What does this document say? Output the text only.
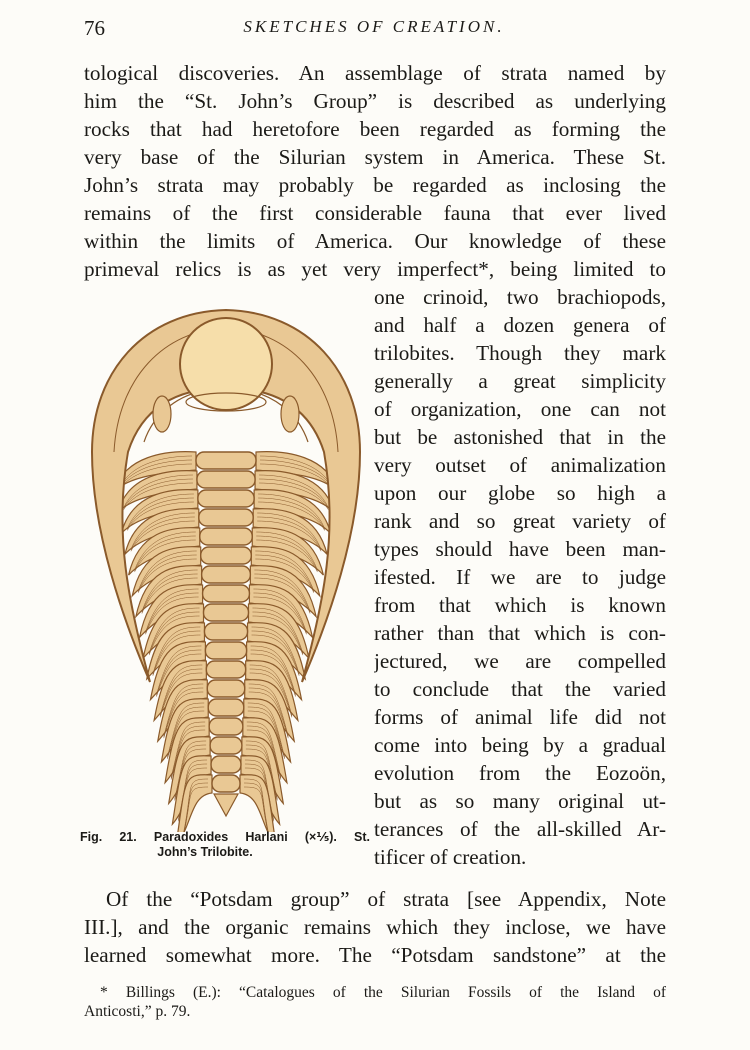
76	SKETCHES OF CREATION.
tological discoveries. An assemblage of strata named by
him the “St. John’s Group” is described as underlying
rocks that had heretofore been regarded as forming the
very base of the Silurian system in America. These St.
John’s strata may probably be regarded as inclosing the
remains of the first considerable fauna that ever lived
within the limits of America. Our knowledge of these
primeval relics is as yet very imperfect*, being limited to
one crinoid, two brachiopods,
and half a dozen genera of
trilobites. Though they mark
generally a great simplicity
of organization, one can not
but be astonished that in the
very outset of animalization
upon our globe so high a
rank and so great variety of
types should have been man-
ifested. If we are to judge
from that which is known
rather than that which is con-
jectured, we are compelled
to conclude that the varied
forms of animal life did not
come into being by a gradual
evolution from the Eozoön,
but as so many original ut-
terances of the all-skilled Ar-
tificer of creation.
Fig. 21. Paradoxides Harlani (×⅕). St.
John’s Trilobite.
Of the “Potsdam group” of strata [see Appendix, Note
III.], and the organic remains which they inclose, we have
learned somewhat more. The “Potsdam sandstone” at the
* Billings (E.): “Catalogues of the Silurian Fossils of the Island of
Anticosti,” p. 79.
